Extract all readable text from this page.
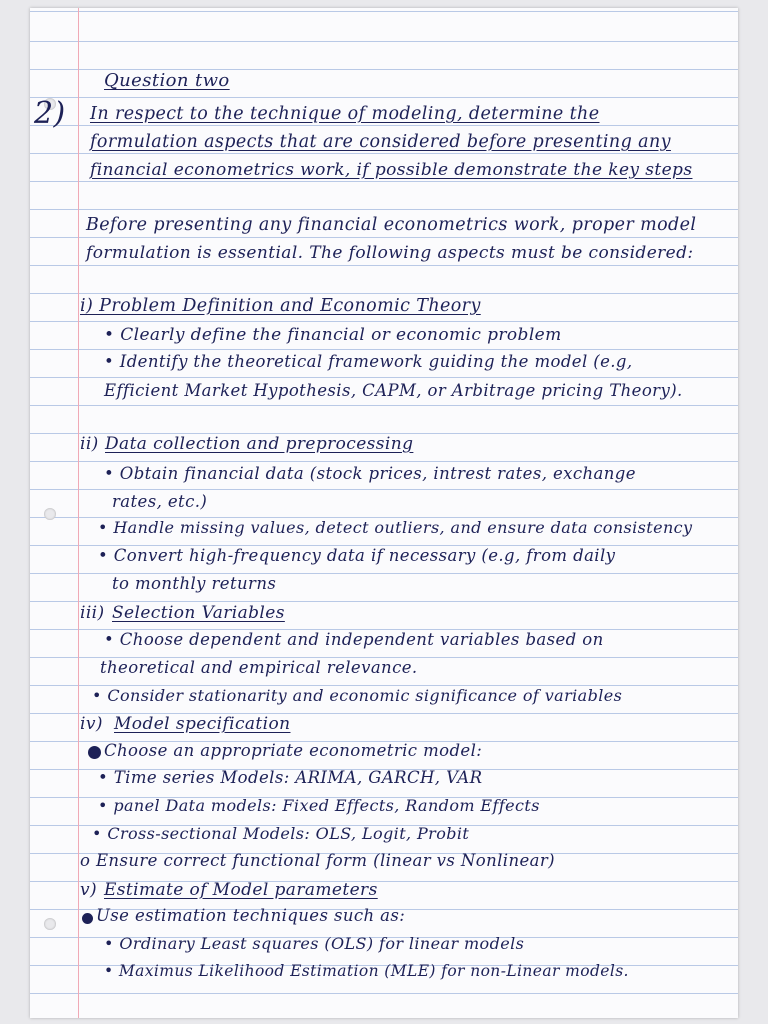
Question two
2) In respect to the technique of modeling, determine the
formulation aspects that are considered before presenting any
financial econometrics work, if possible demonstrate the key steps
Before presenting any financial econometrics work, proper model
formulation is essential. The following aspects must be considered:
i) Problem Definition and Economic Theory
• Clearly define the financial or economic problem
• Identify the theoretical framework guiding the model (e.g,
Efficient Market Hypothesis, CAPM, or Arbitrage pricing Theory).
ii) Data collection and preprocessing
• Obtain financial data (stock prices, intrest rates, exchange
rates, etc.)
• Handle missing values, detect outliers, and ensure data consistency
• Convert high-frequency data if necessary (e.g, from daily
to monthly returns
iii) Selection Variables
• Choose dependent and independent variables based on
theoretical and empirical relevance.
• Consider stationarity and economic significance of variables
iv) Model specification
Choose an appropriate econometric model:
• Time series Models: ARIMA, GARCH, VAR
• panel Data models: Fixed Effects, Random Effects
• Cross-sectional Models: OLS, Logit, Probit
o Ensure correct functional form (linear vs Nonlinear)
v) Estimate of Model parameters
Use estimation techniques such as:
• Ordinary Least squares (OLS) for linear models
• Maximus Likelihood Estimation (MLE) for non-Linear models.
